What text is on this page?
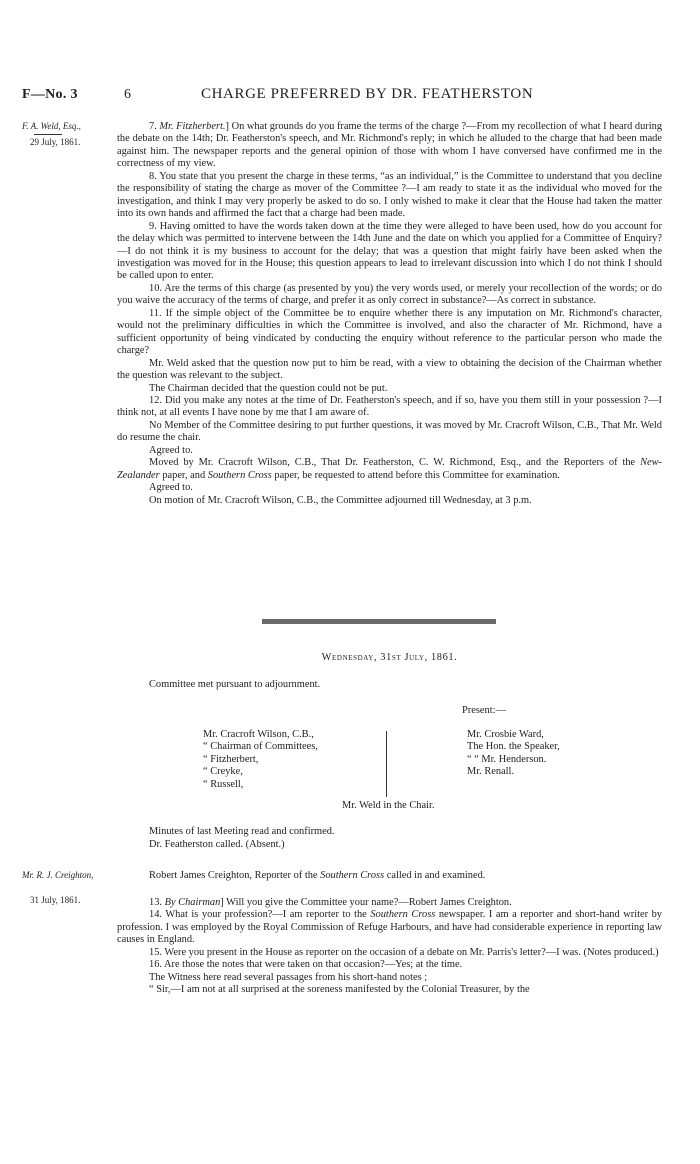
F—No. 3	6	CHARGE PREFERRED BY DR. FEATHERSTON
F. A. Weld, Esq.,
29 July, 1861.

7. Mr. Fitzherbert.] On what grounds do you frame the terms of the charge ?—From my recollection of what I heard during the debate on the 14th; Dr. Featherston's speech, and Mr. Richmond's reply; in which he alluded to the charge that had been made against him. The newspaper reports and the general opinion of those with whom I have conversed have confirmed me in the correctness of my view.

8. You state that you present the charge in these terms, “as an individual,” is the Committee to understand that you decline the responsibility of stating the charge as mover of the Committee ?—I am ready to state it as the individual who moved for the investigation, and think I may very properly be asked to do so. I only wished to make it clear that the House had taken the matter into its own hands and affirmed the fact that a charge had been made.

9. Having omitted to have the words taken down at the time they were alleged to have been used, how do you account for the delay which was permitted to intervene between the 14th June and the date on which you applied for a Committee of Enquiry?—I do not think it is my business to account for the delay; that was a question that might fairly have been asked when the investigation was moved for in the House; this question appears to lead to irrelevant discussion into which I do not think I should be called upon to enter.

10. Are the terms of this charge (as presented by you) the very words used, or merely your recollection of the words; or do you waive the accuracy of the terms of charge, and prefer it as only correct in substance?—As correct in substance.

11. If the simple object of the Committee be to enquire whether there is any imputation on Mr. Richmond's character, would not the preliminary difficulties in which the Committee is involved, and also the character of Mr. Richmond, have a sufficient opportunity of being vindicated by conducting the enquiry without reference to the particular person who made the charge?

Mr. Weld asked that the question now put to him be read, with a view to obtaining the decision of the Chairman whether the question was relevant to the subject.

The Chairman decided that the question could not be put.

12. Did you make any notes at the time of Dr. Featherston's speech, and if so, have you them still in your possession ?—I think not, at all events I have none by me that I am aware of.

No Member of the Committee desiring to put further questions, it was moved by Mr. Cracroft Wilson, C.B., That Mr. Weld do resume the chair.

Agreed to.

Moved by Mr. Cracroft Wilson, C.B., That Dr. Featherston, C. W. Richmond, Esq., and the Reporters of the New-Zealander paper, and Southern Cross paper, be requested to attend before this Committee for examination.

Agreed to.

On motion of Mr. Cracroft Wilson, C.B., the Committee adjourned till Wednesday, at 3 p.m.

Wednesday, 31st July, 1861.
Committee met pursuant to adjournment.
Present:—
Mr. Cracroft Wilson, C.B.,
“ Chairman of Committees,
“ Fitzherbert,
“ Creyke,
“ Russell,
Mr. Crosbie Ward,
The Hon. the Speaker,
“ “ Mr. Henderson.
Mr. Renall.
Mr. Weld in the Chair.
Minutes of last Meeting read and confirmed.
Dr. Featherston called. (Absent.)
Mr. R. J. Creighton,
31 July, 1861.
Robert James Creighton, Reporter of the Southern Cross called in and examined.

13. By Chairman] Will you give the Committee your name?—Robert James Creighton.

14. What is your profession?—I am reporter to the Southern Cross newspaper. I am a reporter and short-hand writer by profession. I was employed by the Royal Commission of Refuge Harbours, and have had considerable experience in reporting law causes in England.

15. Were you present in the House as reporter on the occasion of a debate on Mr. Parris's letter?—I was. (Notes produced.)

16. Are those the notes that were taken on that occasion?—Yes; at the time.

The Witness here read several passages from his short-hand notes ;

“ Sir,—I am not at all surprised at the soreness manifested by the Colonial Treasurer, by the
